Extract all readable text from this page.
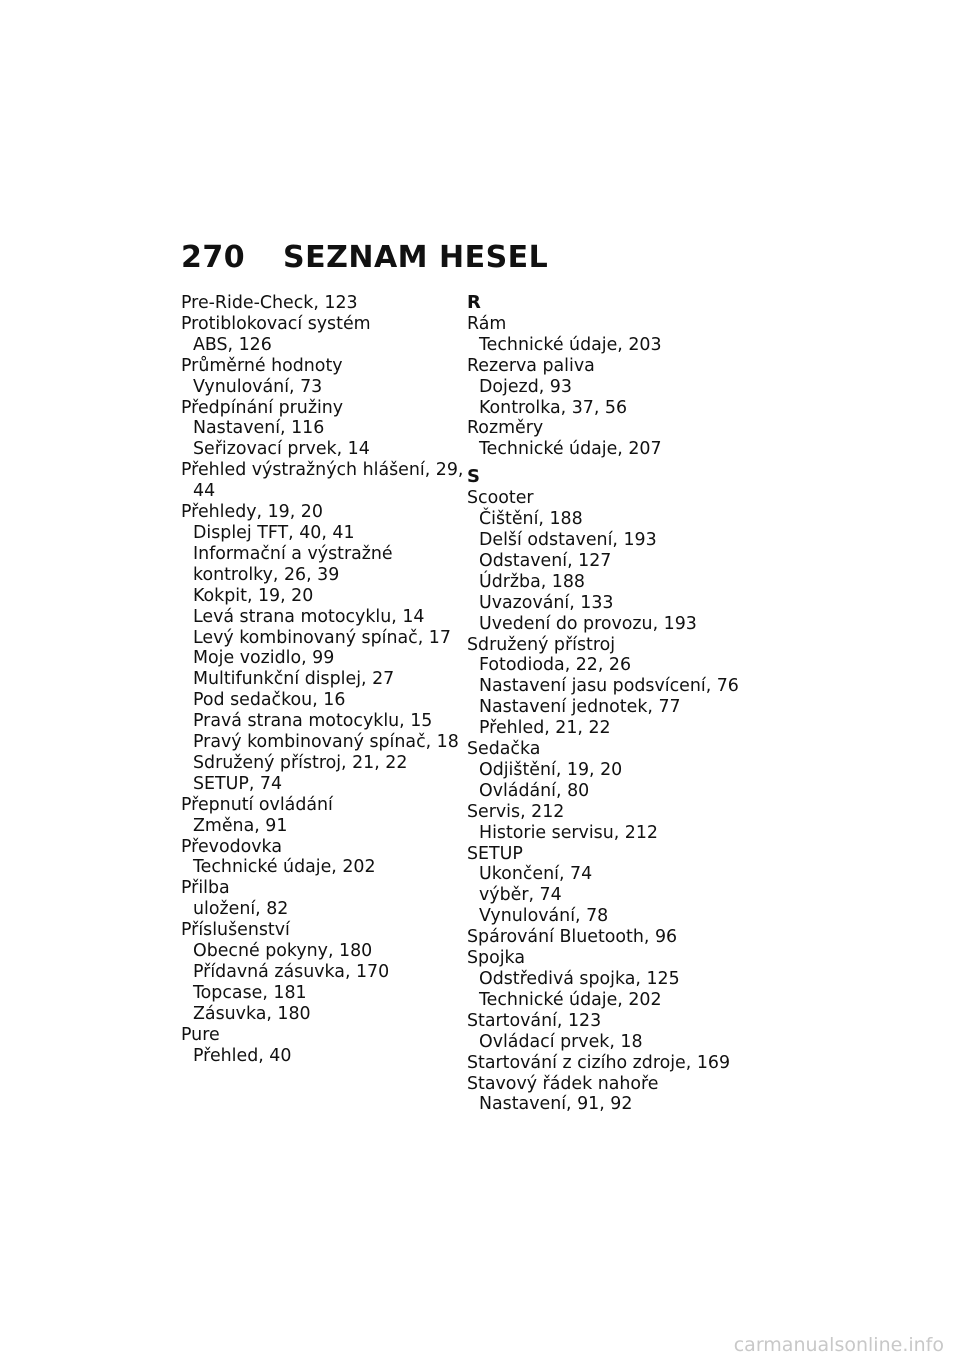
270 SEZNAM HESEL
Pre-Ride-Check, 123
Protiblokovací systém
ABS, 126
Průměrné hodnoty
Vynulování, 73
Předpínání pružiny
Nastavení, 116
Seřizovací prvek, 14
Přehled výstražných hlášení, 29,
44
Přehledy, 19, 20
Displej TFT, 40, 41
Informační a výstražné
kontrolky, 26, 39
Kokpit, 19, 20
Levá strana motocyklu, 14
Levý kombinovaný spínač, 17
Moje vozidlo, 99
Multifunkční displej, 27
Pod sedačkou, 16
Pravá strana motocyklu, 15
Pravý kombinovaný spínač, 18
Sdružený přístroj, 21, 22
SETUP, 74
Přepnutí ovládání
Změna, 91
Převodovka
Technické údaje, 202
Přilba
uložení, 82
Příslušenství
Obecné pokyny, 180
Přídavná zásuvka, 170
Topcase, 181
Zásuvka, 180
Pure
Přehled, 40
R
Rám
Technické údaje, 203
Rezerva paliva
Dojezd, 93
Kontrolka, 37, 56
Rozměry
Technické údaje, 207
S
Scooter
Čištění, 188
Delší odstavení, 193
Odstavení, 127
Údržba, 188
Uvazování, 133
Uvedení do provozu, 193
Sdružený přístroj
Fotodioda, 22, 26
Nastavení jasu podsvícení, 76
Nastavení jednotek, 77
Přehled, 21, 22
Sedačka
Odjištění, 19, 20
Ovládání, 80
Servis, 212
Historie servisu, 212
SETUP
Ukončení, 74
výběr, 74
Vynulování, 78
Spárování Bluetooth, 96
Spojka
Odstředivá spojka, 125
Technické údaje, 202
Startování, 123
Ovládací prvek, 18
Startování z cizího zdroje, 169
Stavový řádek nahoře
Nastavení, 91, 92
carmanualsonline.info
